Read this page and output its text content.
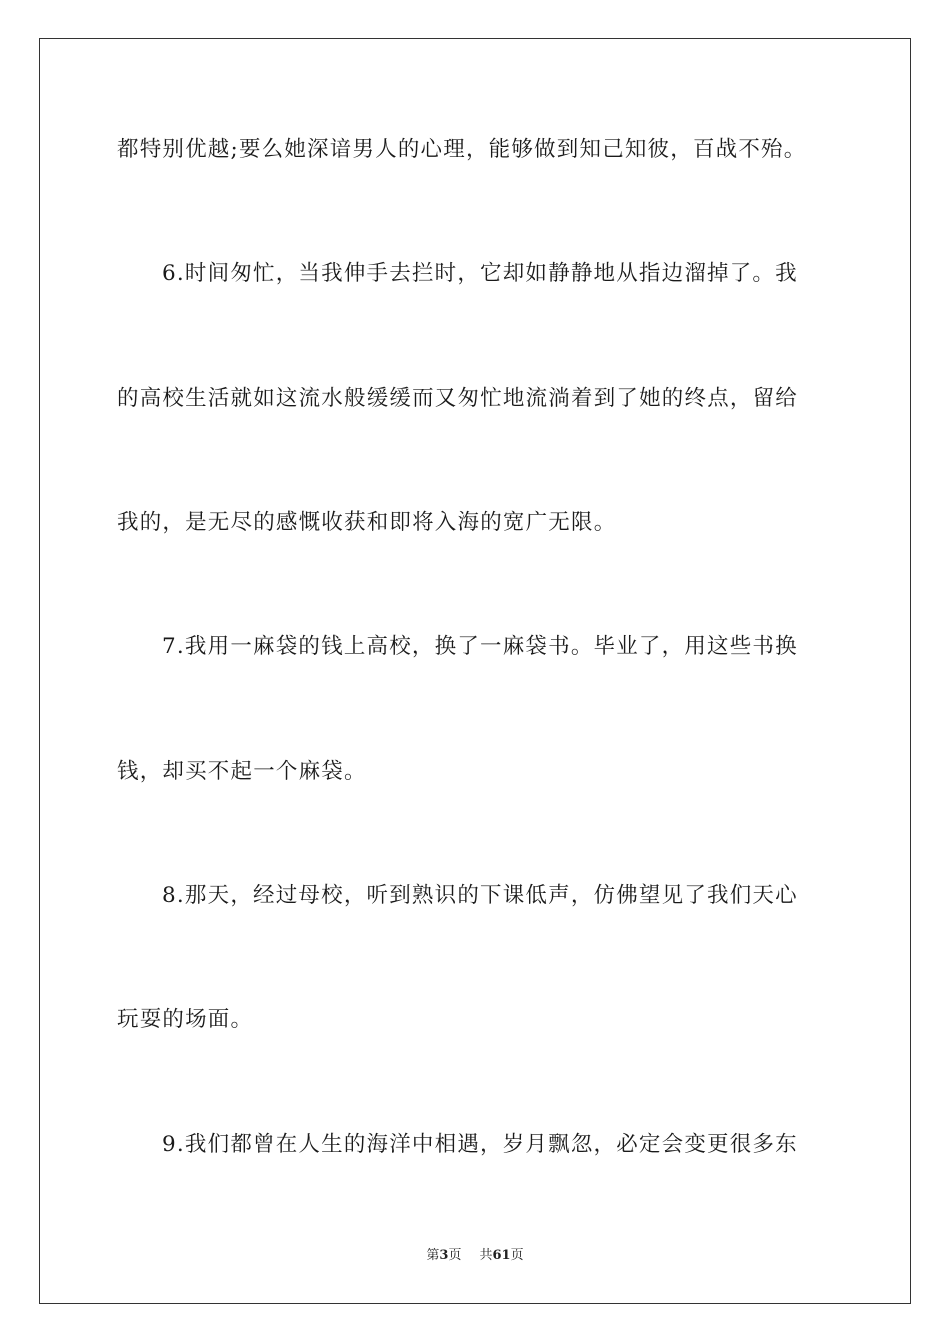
都特别优越;要么她深谙男人的心理，能够做到知己知彼，百战不殆。
6.时间匆忙，当我伸手去拦时，它却如静静地从指边溜掉了。我
的高校生活就如这流水般缓缓而又匆忙地流淌着到了她的终点，留给
我的，是无尽的感慨收获和即将入海的宽广无限。
7.我用一麻袋的钱上高校，换了一麻袋书。毕业了，用这些书换
钱，却买不起一个麻袋。
8.那天，经过母校，听到熟识的下课低声，仿佛望见了我们天心
玩耍的场面。
9.我们都曾在人生的海洋中相遇，岁月飘忽，必定会变更很多东
第3页 共61页
